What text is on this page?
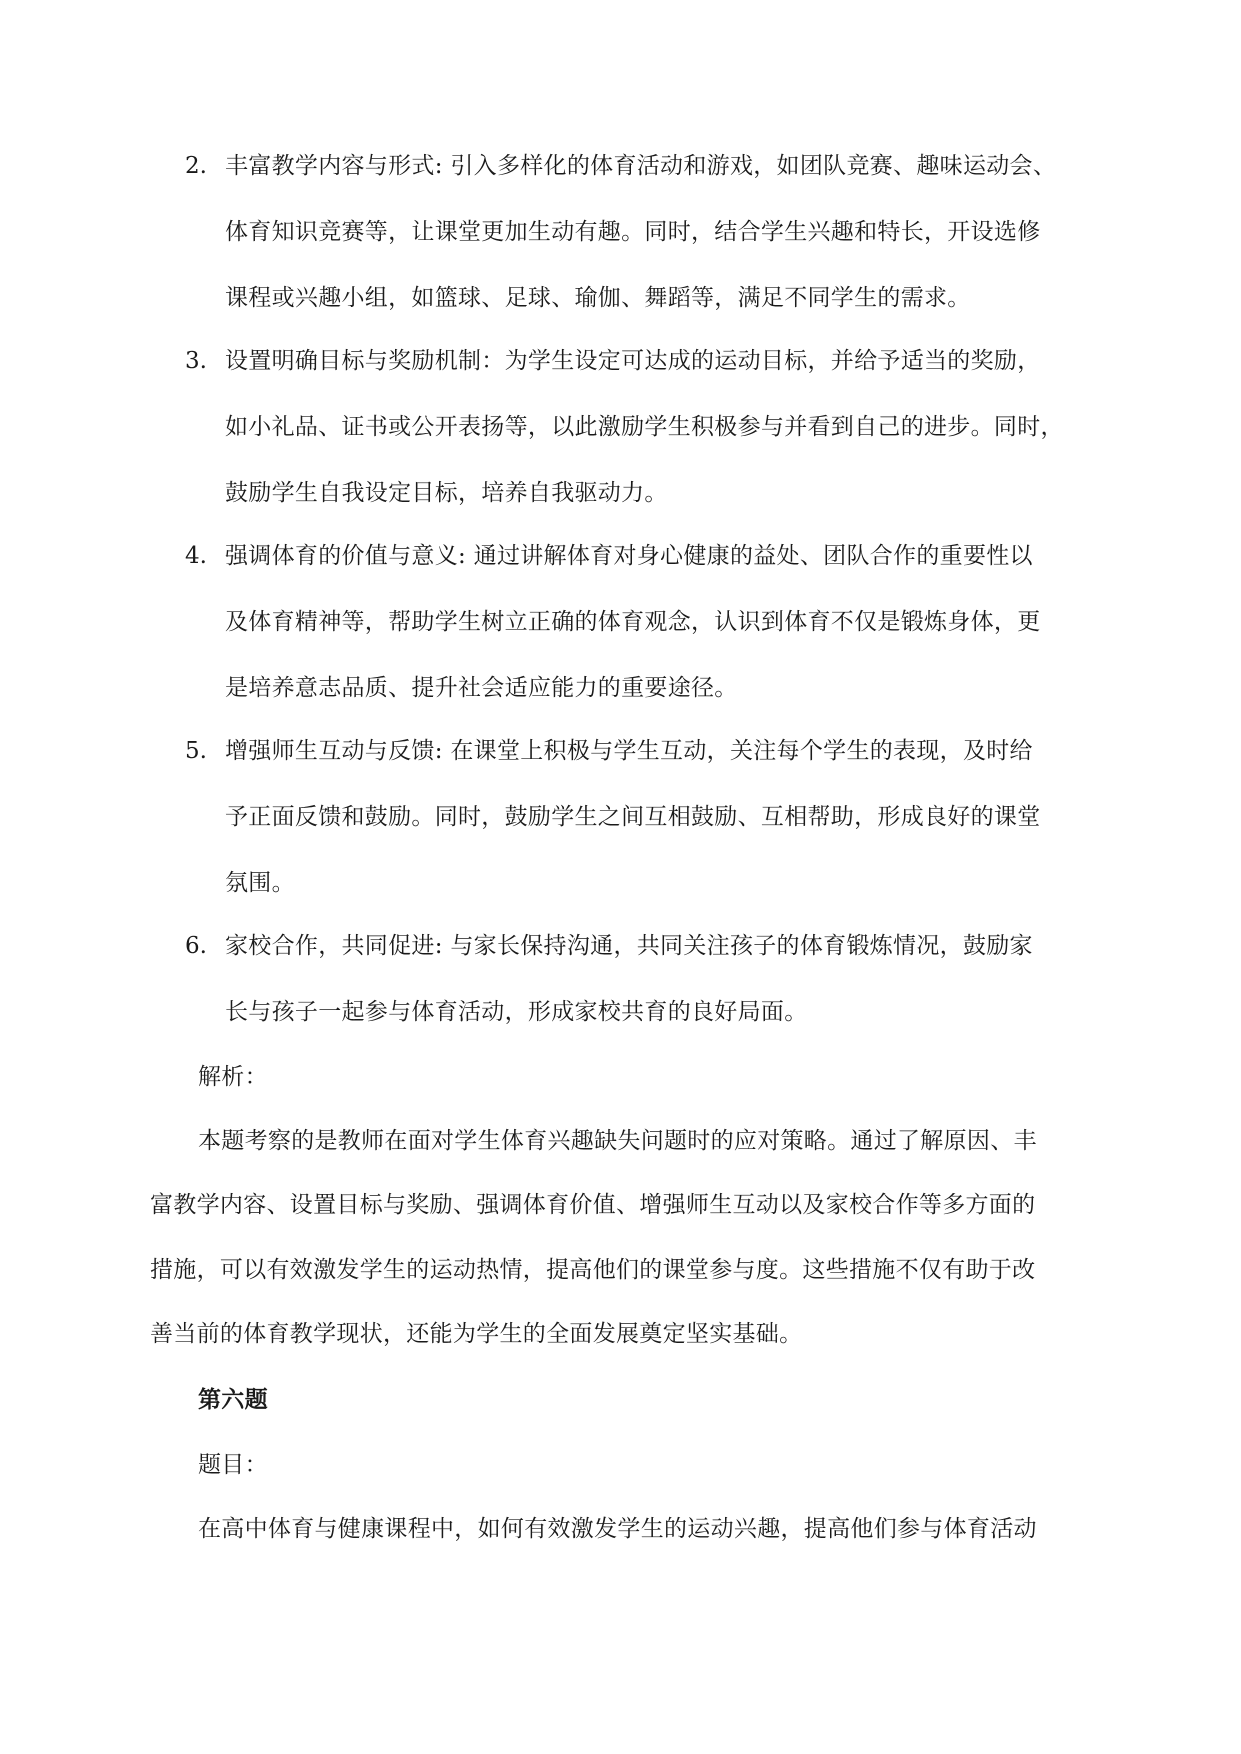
2. 丰富教学内容与形式: 引入多样化的体育活动和游戏，如团队竞赛、趣味运动会、
体育知识竞赛等，让课堂更加生动有趣。同时，结合学生兴趣和特长，开设选修
课程或兴趣小组，如篮球、足球、瑜伽、舞蹈等，满足不同学生的需求。
3. 设置明确目标与奖励机制：为学生设定可达成的运动目标，并给予适当的奖励，
如小礼品、证书或公开表扬等，以此激励学生积极参与并看到自己的进步。同时，
鼓励学生自我设定目标，培养自我驱动力。
4. 强调体育的价值与意义: 通过讲解体育对身心健康的益处、团队合作的重要性以
及体育精神等，帮助学生树立正确的体育观念，认识到体育不仅是锻炼身体，更
是培养意志品质、提升社会适应能力的重要途径。
5. 增强师生互动与反馈: 在课堂上积极与学生互动，关注每个学生的表现，及时给
予正面反馈和鼓励。同时，鼓励学生之间互相鼓励、互相帮助，形成良好的课堂
氛围。
6. 家校合作，共同促进: 与家长保持沟通，共同关注孩子的体育锻炼情况，鼓励家
长与孩子一起参与体育活动，形成家校共育的良好局面。
解析：
本题考察的是教师在面对学生体育兴趣缺失问题时的应对策略。通过了解原因、丰
富教学内容、设置目标与奖励、强调体育价值、增强师生互动以及家校合作等多方面的
措施，可以有效激发学生的运动热情，提高他们的课堂参与度。这些措施不仅有助于改
善当前的体育教学现状，还能为学生的全面发展奠定坚实基础。
第六题
题目：
在高中体育与健康课程中，如何有效激发学生的运动兴趣，提高他们参与体育活动
